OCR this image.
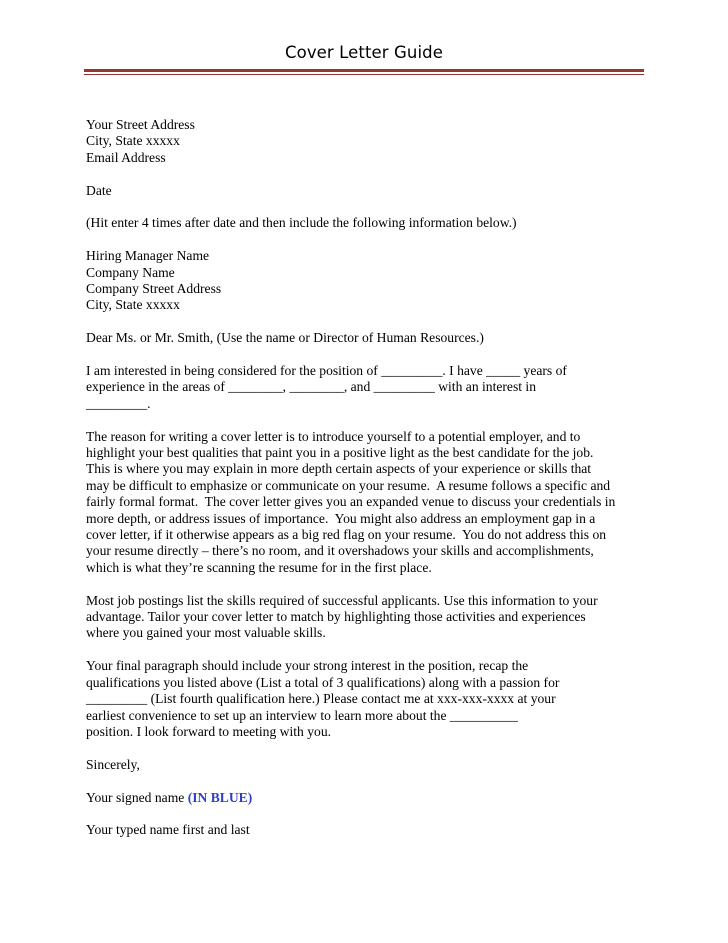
Cover Letter Guide
Your Street Address
City, State xxxxx
Email Address
Date
(Hit enter 4 times after date and then include the following information below.)
Hiring Manager Name
Company Name
Company Street Address
City, State xxxxx
Dear Ms. or Mr. Smith, (Use the name or Director of Human Resources.)
I am interested in being considered for the position of _________. I have _____ years of
experience in the areas of ________, ________, and _________ with an interest in
_________.
The reason for writing a cover letter is to introduce yourself to a potential employer, and to
highlight your best qualities that paint you in a positive light as the best candidate for the job.
This is where you may explain in more depth certain aspects of your experience or skills that
may be difficult to emphasize or communicate on your resume.  A resume follows a specific and
fairly formal format.  The cover letter gives you an expanded venue to discuss your credentials in
more depth, or address issues of importance.  You might also address an employment gap in a
cover letter, if it otherwise appears as a big red flag on your resume.  You do not address this on
your resume directly – there’s no room, and it overshadows your skills and accomplishments,
which is what they’re scanning the resume for in the first place.
Most job postings list the skills required of successful applicants. Use this information to your
advantage. Tailor your cover letter to match by highlighting those activities and experiences
where you gained your most valuable skills.
Your final paragraph should include your strong interest in the position, recap the
qualifications you listed above (List a total of 3 qualifications) along with a passion for
_________ (List fourth qualification here.) Please contact me at xxx-xxx-xxxx at your
earliest convenience to set up an interview to learn more about the __________
position. I look forward to meeting with you.
Sincerely,
Your signed name (IN BLUE)
Your typed name first and last
